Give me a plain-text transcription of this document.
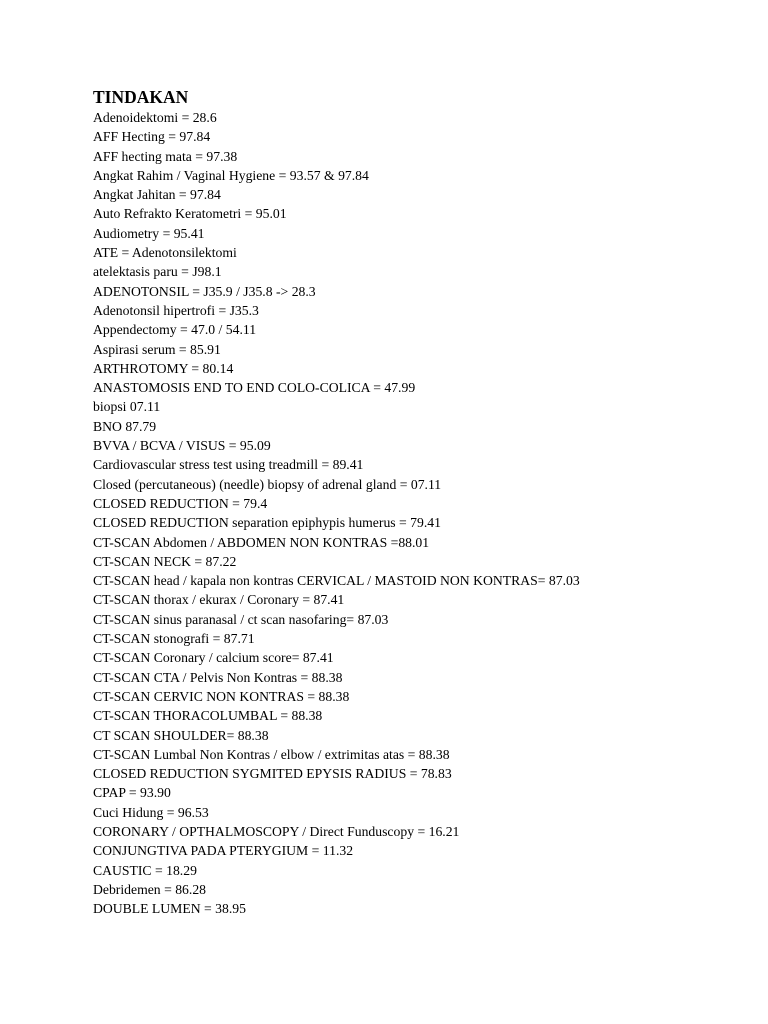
TINDAKAN
Adenoidektomi = 28.6
AFF Hecting = 97.84
AFF hecting mata = 97.38
Angkat Rahim / Vaginal Hygiene = 93.57 & 97.84
Angkat Jahitan = 97.84
Auto Refrakto Keratometri = 95.01
Audiometry = 95.41
ATE = Adenotonsilektomi
atelektasis paru = J98.1
ADENOTONSIL = J35.9 / J35.8 -> 28.3
Adenotonsil hipertrofi = J35.3
Appendectomy = 47.0 / 54.11
Aspirasi serum = 85.91
ARTHROTOMY = 80.14
ANASTOMOSIS END TO END COLO-COLICA = 47.99
biopsi 07.11
BNO 87.79
BVVA / BCVA / VISUS = 95.09
Cardiovascular stress test using treadmill = 89.41
Closed (percutaneous) (needle) biopsy of adrenal gland = 07.11
CLOSED REDUCTION = 79.4
CLOSED REDUCTION separation epiphypis humerus = 79.41
CT-SCAN Abdomen / ABDOMEN NON KONTRAS =88.01
CT-SCAN NECK = 87.22
CT-SCAN head / kapala non kontras CERVICAL / MASTOID NON KONTRAS= 87.03
CT-SCAN thorax / ekurax / Coronary = 87.41
CT-SCAN sinus paranasal / ct scan nasofaring= 87.03
CT-SCAN stonografi = 87.71
CT-SCAN Coronary / calcium score= 87.41
CT-SCAN CTA / Pelvis Non Kontras = 88.38
CT-SCAN CERVIC NON KONTRAS = 88.38
CT-SCAN THORACOLUMBAL = 88.38
CT SCAN SHOULDER= 88.38
CT-SCAN Lumbal Non Kontras / elbow / extrimitas atas = 88.38
CLOSED REDUCTION SYGMITED EPYSIS RADIUS = 78.83
CPAP = 93.90
Cuci Hidung = 96.53
CORONARY / OPTHALMOSCOPY / Direct Funduscopy = 16.21
CONJUNGTIVA PADA PTERYGIUM = 11.32
CAUSTIC = 18.29
Debridemen = 86.28
DOUBLE LUMEN = 38.95
